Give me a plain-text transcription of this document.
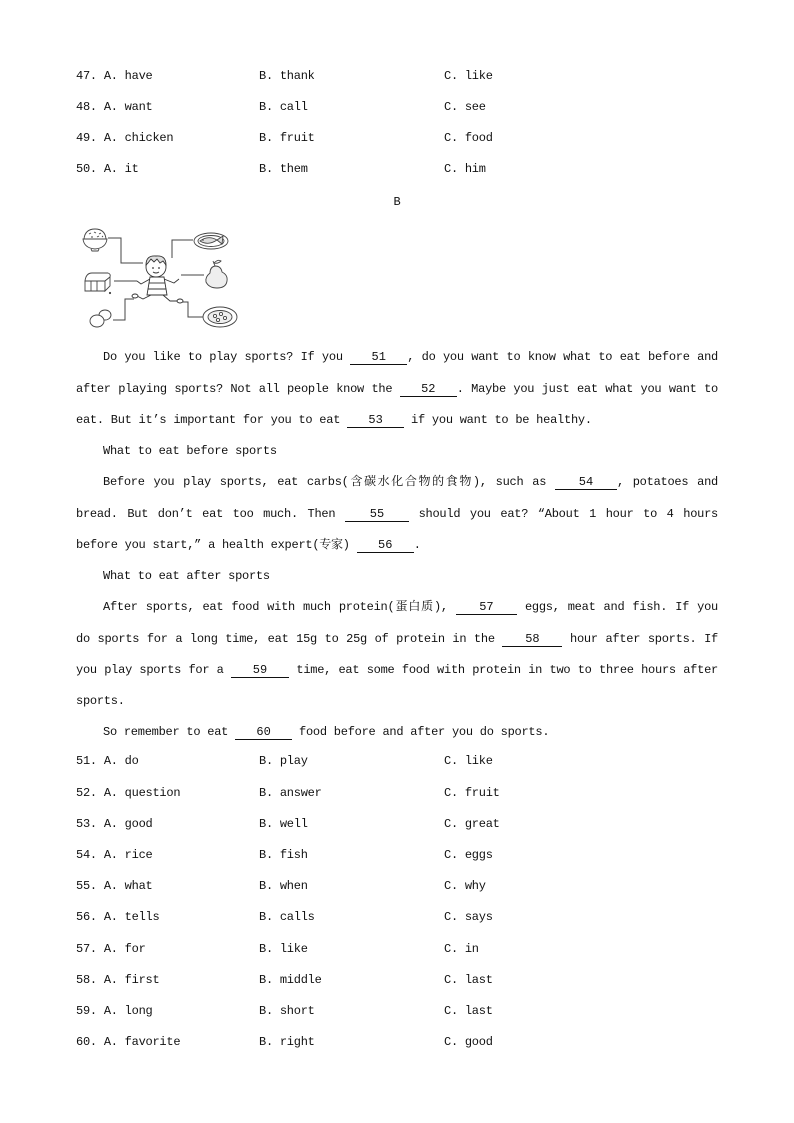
47. A. have	B. thank	C. like
48. A. want	B. call	C. see
49. A. chicken	B. fruit	C. food
50. A. it	B. them	C. him
B
Do you like to play sports? If you 51 , do you want to know what to eat before and
after playing sports? Not all people know the 52 . Maybe you just eat what you want to
eat. But it’s important for you to eat 53 if you want to be healthy.
What to eat before sports
Before you play sports, eat carbs(含碳水化合物的食物), such as 54 , potatoes and
bread. But don’t eat too much. Then 55 should you eat? “About 1 hour to 4 hours
before you start,” a health expert(专家) 56 .
What to eat after sports
After sports, eat food with much protein(蛋白质), 57 eggs, meat and fish. If you
do sports for a long time, eat 15g to 25g of protein in the 58 hour after sports. If
you play sports for a 59 time, eat some food with protein in two to three hours after
sports.
So remember to eat 60 food before and after you do sports.
51. A. do	B. play	C. like
52. A. question	B. answer	C. fruit
53. A. good	B. well	C. great
54. A. rice	B. fish	C. eggs
55. A. what	B. when	C. why
56. A. tells	B. calls	C. says
57. A. for	B. like	C. in
58. A. first	B. middle	C. last
59. A. long	B. short	C. last
60. A. favorite	B. right	C. good
